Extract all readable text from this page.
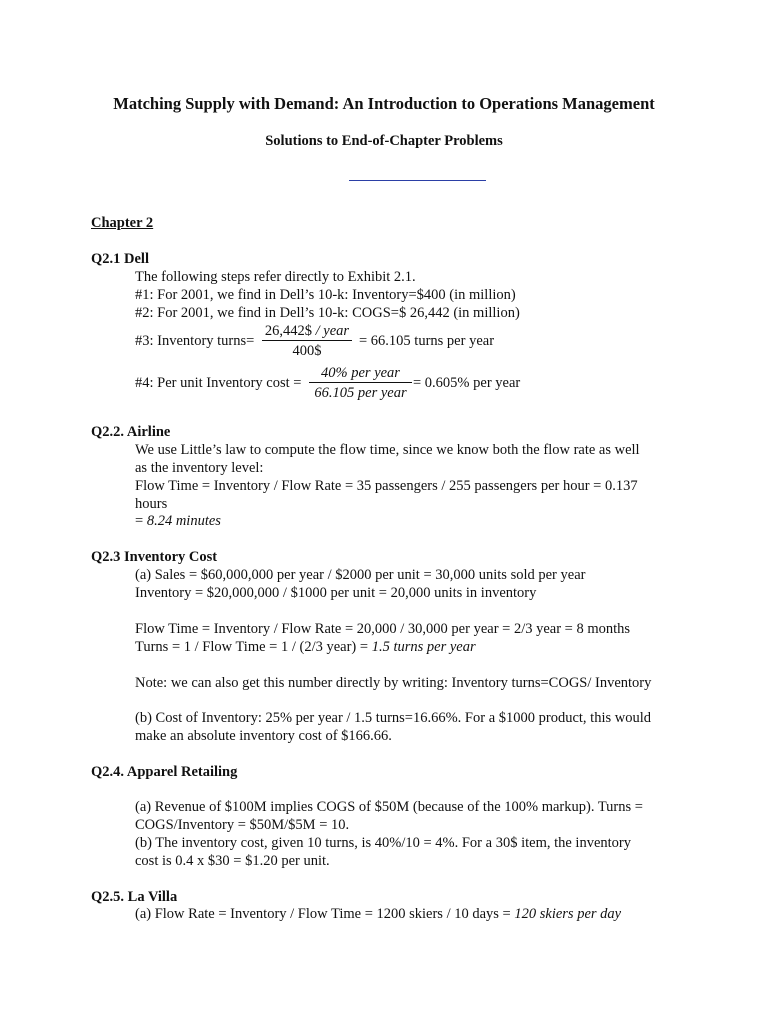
Matching Supply with Demand: An Introduction to Operations Management
Solutions to End-of-Chapter Problems
Chapter 2
Q2.1 Dell
The following steps refer directly to Exhibit 2.1.
#1: For 2001, we find in Dell’s 10-k: Inventory=$400 (in million)
#2: For 2001, we find in Dell’s 10-k: COGS=$ 26,442 (in million)
#3: Inventory turns=
26,442$ / year
400$
= 66.105 turns per year
#4: Per unit Inventory cost =
40% per year
66.105 per year
= 0.605% per year
Q2.2. Airline
We use Little’s law to compute the flow time, since we know both the flow rate as well
as the inventory level:
Flow Time = Inventory / Flow Rate = 35 passengers / 255 passengers per hour = 0.137
hours
= 8.24 minutes
Q2.3 Inventory Cost
(a) Sales = $60,000,000 per year / $2000 per unit = 30,000 units sold per year
Inventory = $20,000,000 / $1000 per unit = 20,000 units in inventory
Flow Time = Inventory / Flow Rate = 20,000 / 30,000 per year = 2/3 year = 8 months
Turns = 1 / Flow Time = 1 / (2/3 year) = 1.5 turns per year
Note: we can also get this number directly by writing: Inventory turns=COGS/ Inventory
(b) Cost of Inventory: 25% per year / 1.5 turns=16.66%. For a $1000 product, this would
make an absolute inventory cost of $166.66.
Q2.4. Apparel Retailing
(a) Revenue of $100M implies COGS of $50M (because of the 100% markup). Turns =
COGS/Inventory = $50M/$5M = 10.
(b) The inventory cost, given 10 turns, is 40%/10 = 4%. For a 30$ item, the inventory
cost is 0.4 x $30 = $1.20 per unit.
Q2.5. La Villa
(a) Flow Rate = Inventory / Flow Time = 1200 skiers / 10 days = 120 skiers per day
